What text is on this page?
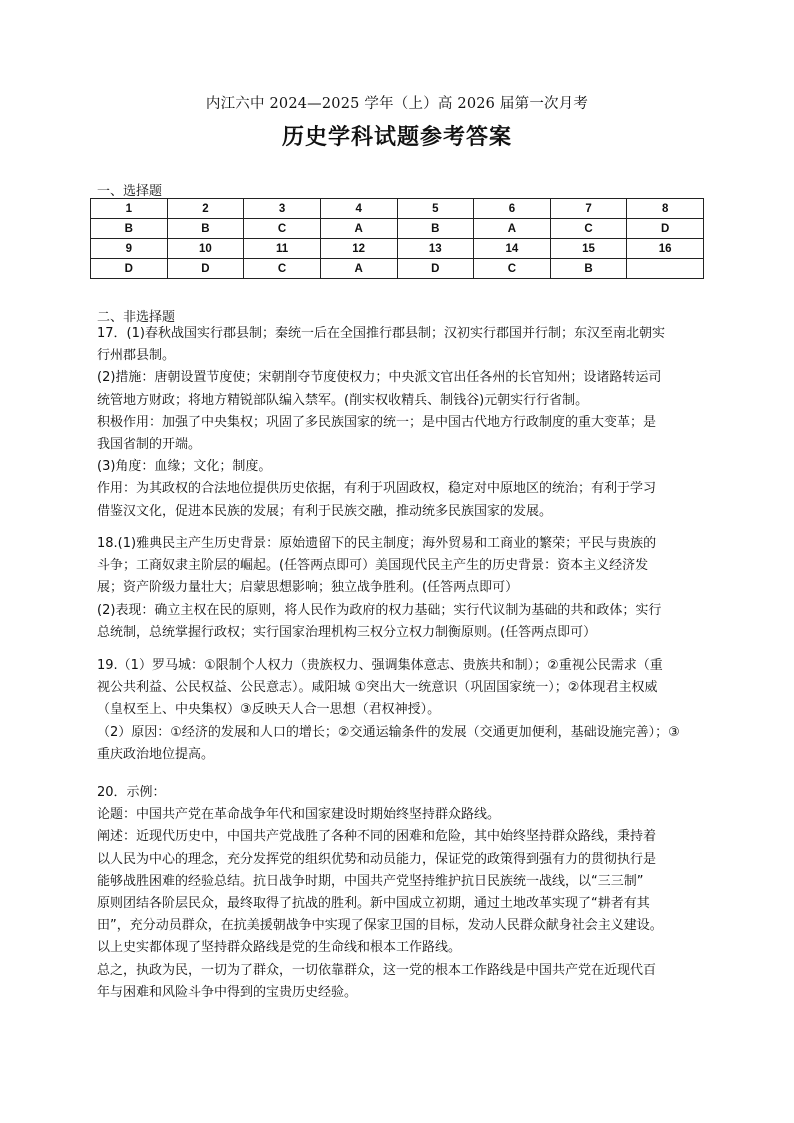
内江六中 2024—2025 学年（上）高 2026 届第一次月考
历史学科试题参考答案
一、选择题
1	2	3	4	5	6	7	8
B	B	C	A	B	A	C	D
9	10	11	12	13	14	15	16
D	D	C	A	D	C	B	
二、非选择题

17．(1)春秋战国实行郡县制；秦统一后在全国推行郡县制；汉初实行郡国并行制；东汉至南北朝实

行州郡县制。

(2)措施：唐朝设置节度使；宋朝削夺节度使权力；中央派文官出任各州的长官知州；设诸路转运司

统管地方财政；将地方精锐部队编入禁军。(削实权收精兵、制钱谷)元朝实行行省制。

积极作用：加强了中央集权；巩固了多民族国家的统一；是中国古代地方行政制度的重大变革；是

我国省制的开端。

(3)角度：血缘；文化；制度。

作用：为其政权的合法地位提供历史依据，有利于巩固政权，稳定对中原地区的统治；有利于学习

借鉴汉文化，促进本民族的发展；有利于民族交融，推动统多民族国家的发展。

18.(1)雅典民主产生历史背景：原始遗留下的民主制度；海外贸易和工商业的繁荣；平民与贵族的

斗争；工商奴隶主阶层的崛起。(任答两点即可）美国现代民主产生的历史背景：资本主义经济发

展；资产阶级力量壮大；启蒙思想影响；独立战争胜利。(任答两点即可）

(2)表现：确立主权在民的原则，将人民作为政府的权力基础；实行代议制为基础的共和政体；实行

总统制，总统掌握行政权；实行国家治理机构三权分立权力制衡原则。(任答两点即可）

19.（1）罗马城：①限制个人权力（贵族权力、强调集体意志、贵族共和制）；②重视公民需求（重

视公共利益、公民权益、公民意志）。咸阳城 ①突出大一统意识（巩固国家统一）；②体现君主权威

（皇权至上、中央集权）③反映天人合一思想（君权神授）。

（2）原因：①经济的发展和人口的增长；②交通运输条件的发展（交通更加便利，基础设施完善）；③

重庆政治地位提高。

20．示例：

论题：中国共产党在革命战争年代和国家建设时期始终坚持群众路线。

阐述：近现代历史中，中国共产党战胜了各种不同的困难和危险，其中始终坚持群众路线，秉持着

以人民为中心的理念，充分发挥党的组织优势和动员能力，保证党的政策得到强有力的贯彻执行是

能够战胜困难的经验总结。抗日战争时期，中国共产党坚持维护抗日民族统一战线，以“三三制”

原则团结各阶层民众，最终取得了抗战的胜利。新中国成立初期，通过土地改革实现了“耕者有其

田”，充分动员群众，在抗美援朝战争中实现了保家卫国的目标，发动人民群众献身社会主义建设。

以上史实都体现了坚持群众路线是党的生命线和根本工作路线。

总之，执政为民，一切为了群众，一切依靠群众，这一党的根本工作路线是中国共产党在近现代百

年与困难和风险斗争中得到的宝贵历史经验。
